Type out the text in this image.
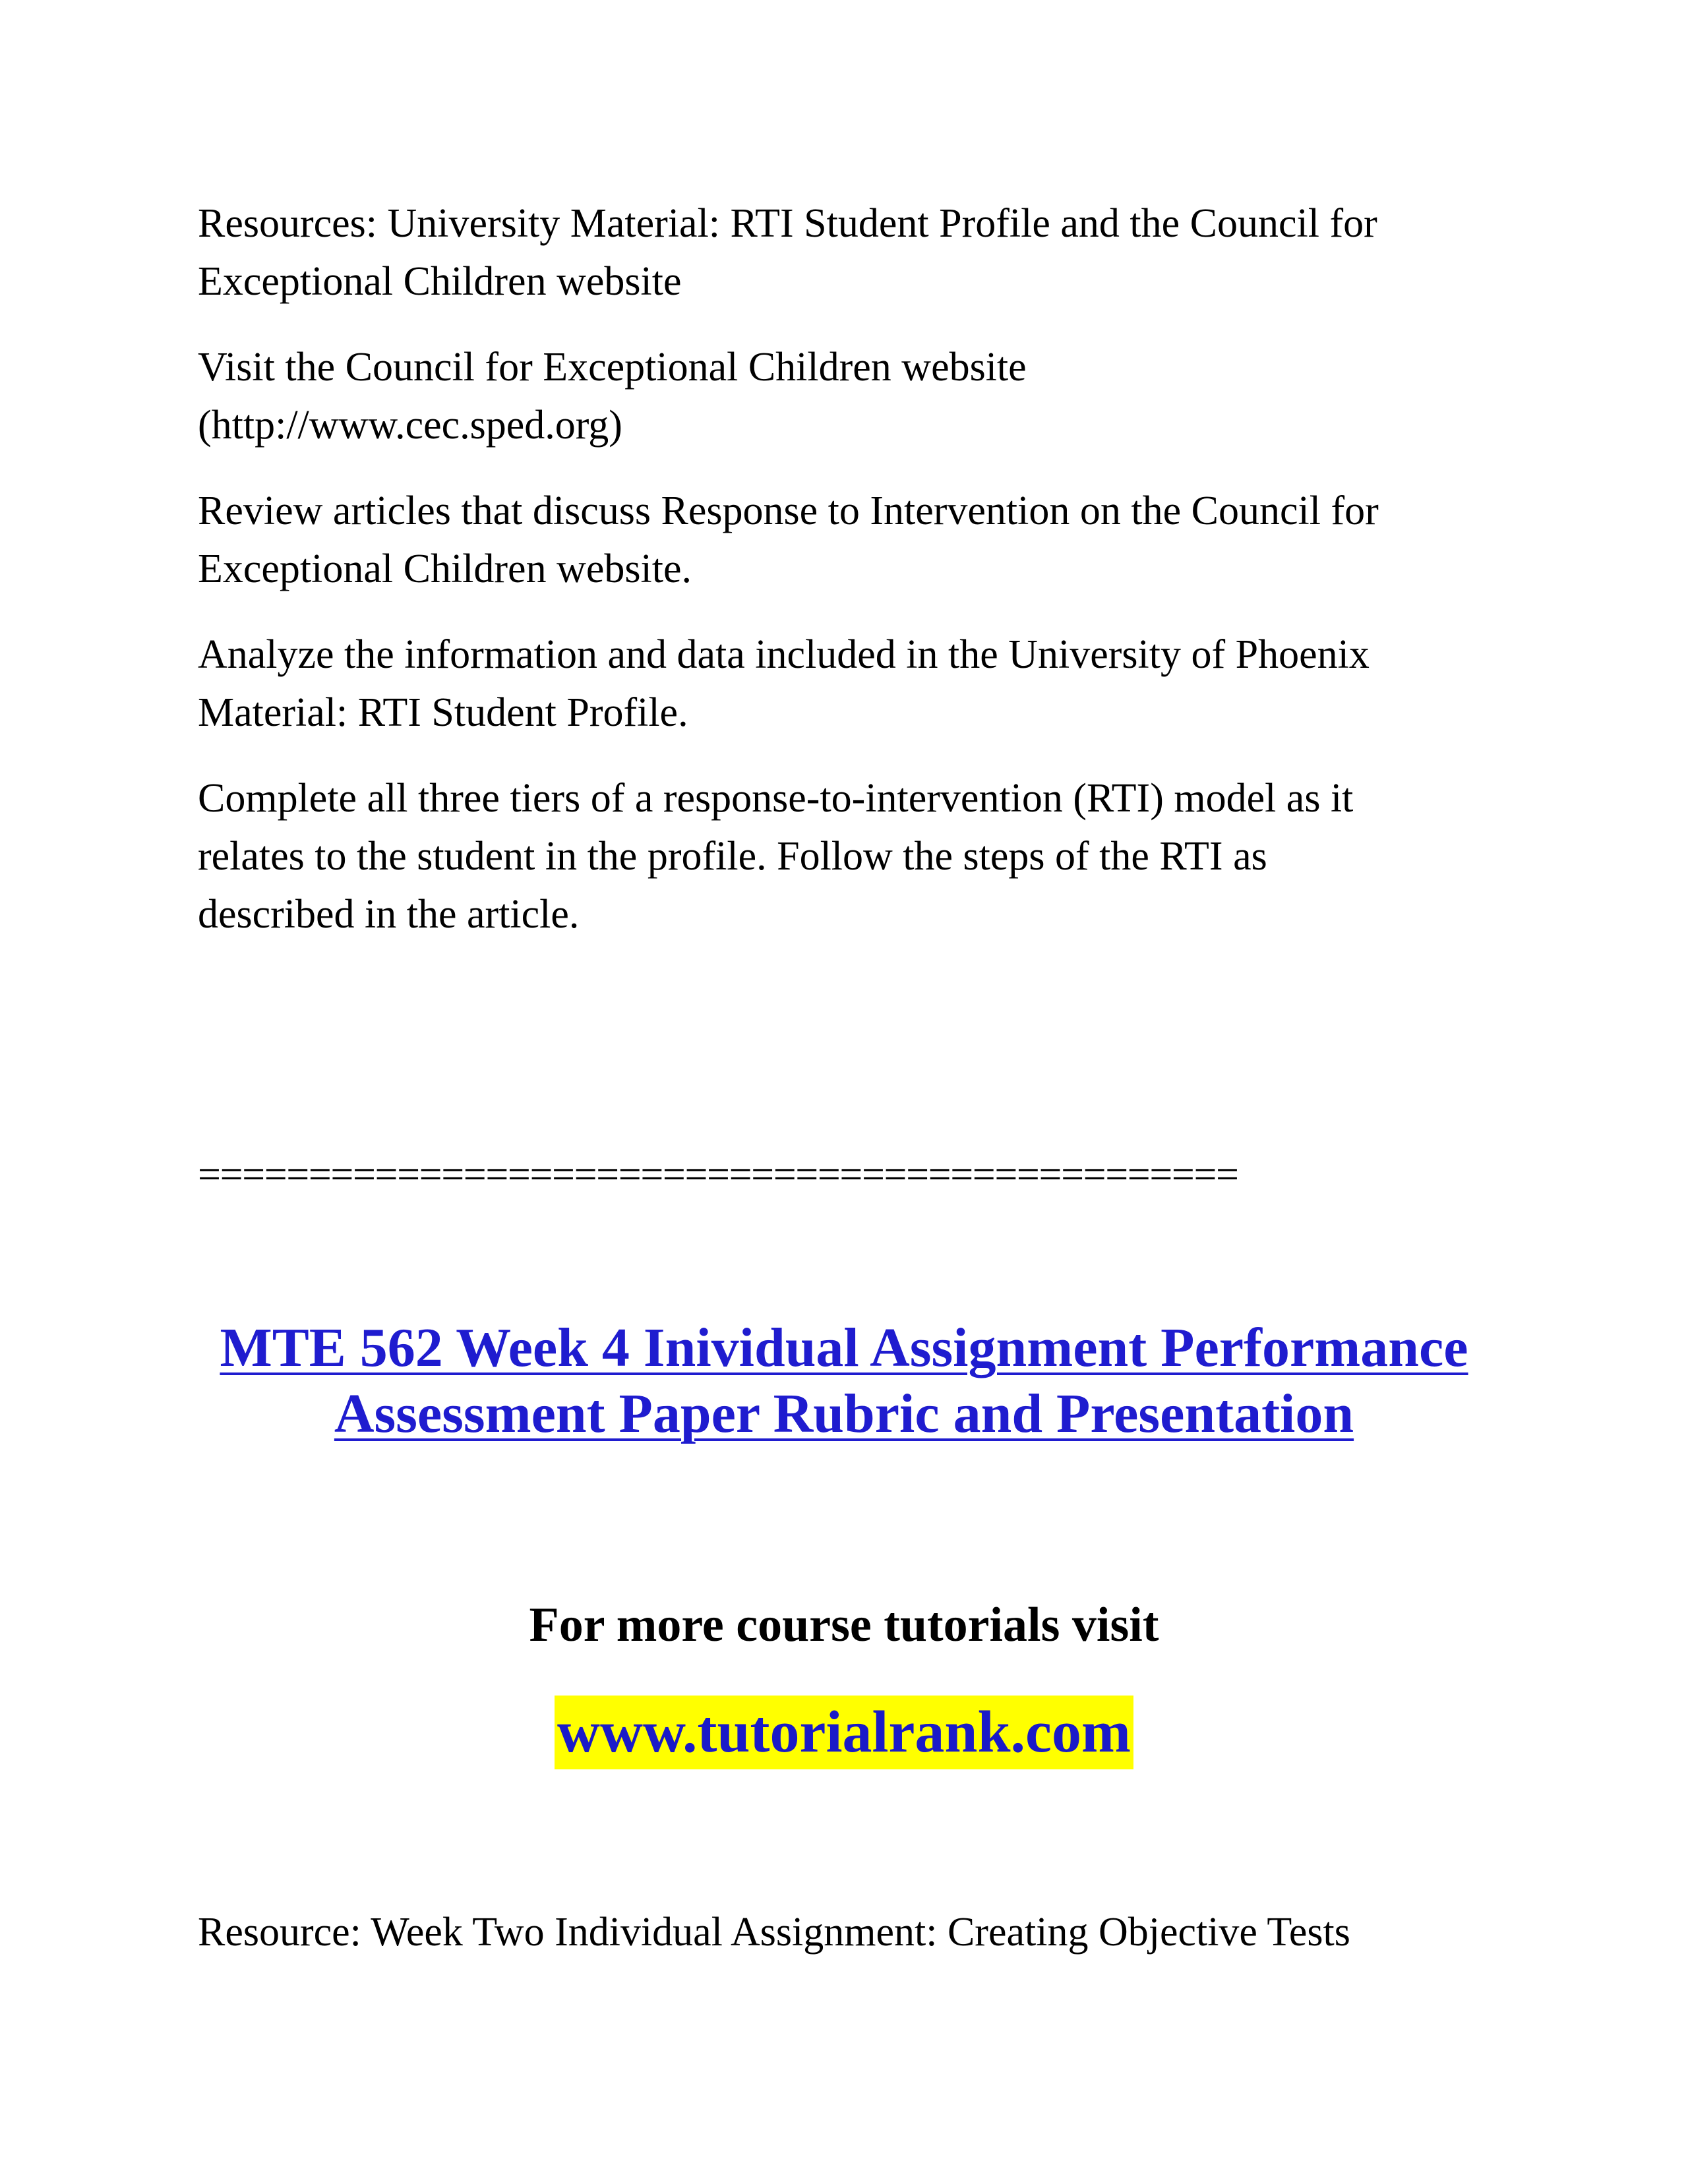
Resources: University Material: RTI Student Profile and the Council for
Exceptional Children website

Visit the Council for Exceptional Children website
(http://www.cec.sped.org)

Review articles that discuss Response to Intervention on the Council for
Exceptional Children website.

Analyze the information and data included in the University of Phoenix
Material: RTI Student Profile.

Complete all three tiers of a response-to-intervention (RTI) model as it
relates to the student in the profile. Follow the steps of the RTI as
described in the article.

===============================================

MTE 562 Week 4 Inividual Assignment Performance
Assessment Paper Rubric and Presentation

For more course tutorials visit

www.tutorialrank.com

Resource: Week Two Individual Assignment: Creating Objective Tests
